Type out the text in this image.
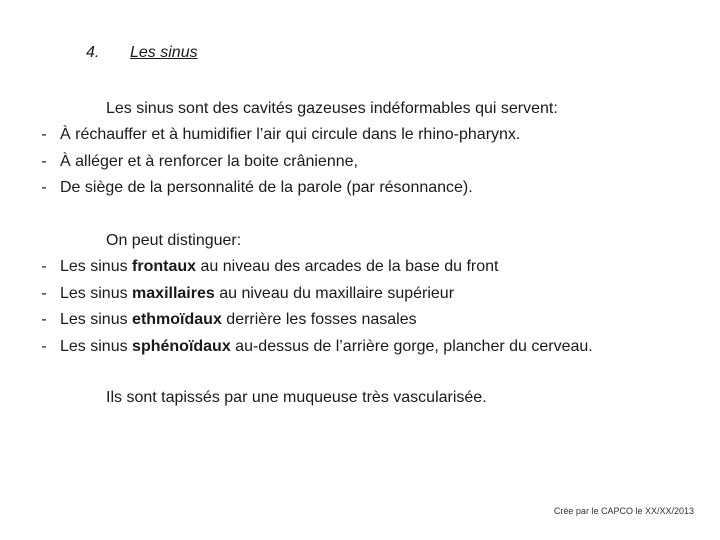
4. Les sinus

Les sinus sont des cavités gazeuses indéformables qui servent:

- À réchauffer et à humidifier l’air qui circule dans le rhino-pharynx.
- À alléger et à renforcer la boite crânienne,
- De siège de la personnalité de la parole (par résonnance).

On peut distinguer:

- Les sinus frontaux au niveau des arcades de la base du front
- Les sinus maxillaires au niveau du maxillaire supérieur
- Les sinus ethmoïdaux derrière les fosses nasales
- Les sinus sphénoïdaux au-dessus de l’arrière gorge, plancher du cerveau.

Ils sont tapissés par une muqueuse très vascularisée.

Crée par le CAPCO le XX/XX/2013
